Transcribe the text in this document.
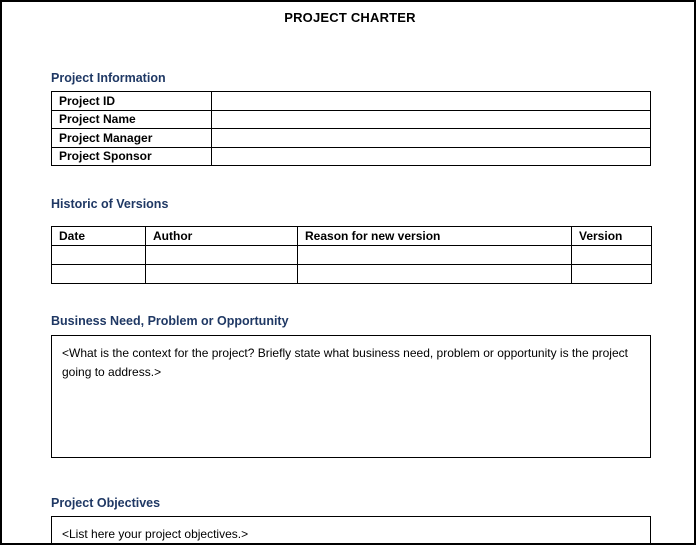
PROJECT CHARTER
Project Information
Project ID	
Project Name	
Project Manager	
Project Sponsor	
Historic of Versions
Date	Author	Reason for new version	Version

Business Need, Problem or Opportunity
<What is the context for the project? Briefly state what business need, problem or opportunity is the project going to address.>
Project Objectives
<List here your project objectives.>
